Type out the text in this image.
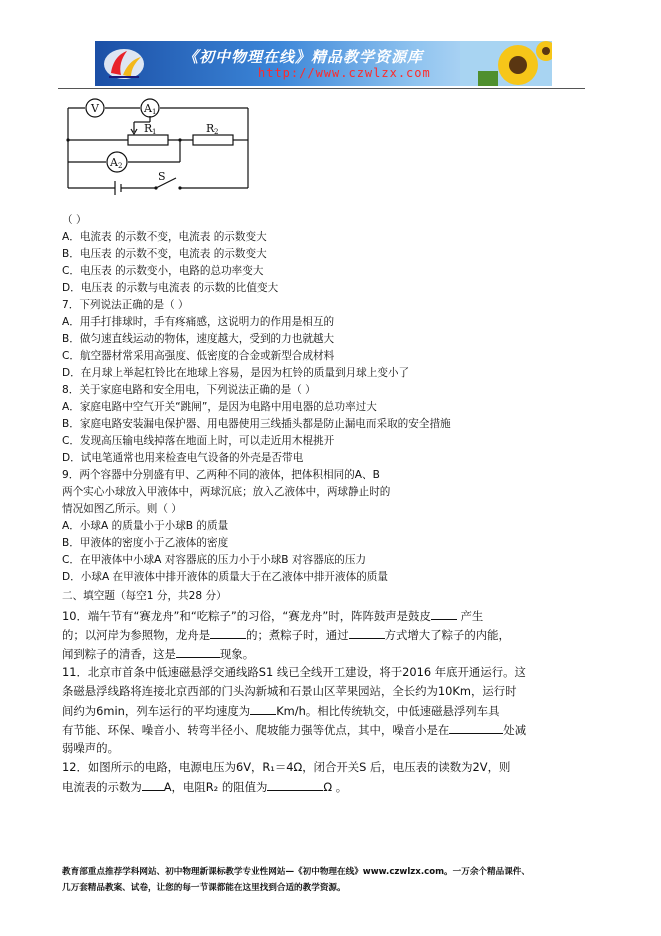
《初中物理在线》精品教学资源库
http://www.czwlzx.com
V	A 1
A 2
R 1	R 2
S
（ ）
A．电流表 的示数不变，电流表 的示数变大
B．电压表 的示数不变，电流表 的示数变大
C．电压表 的示数变小，电路的总功率变大
D．电压表 的示数与电流表 的示数的比值变大
7．下列说法正确的是（ ）
A．用手打排球时，手有疼痛感，这说明力的作用是相互的
B．做匀速直线运动的物体，速度越大，受到的力也就越大
C．航空器材常采用高强度、低密度的合金或新型合成材料
D．在月球上举起杠铃比在地球上容易，是因为杠铃的质量到月球上变小了
8．关于家庭电路和安全用电，下列说法正确的是（ ）
A．家庭电路中空气开关“跳闸”，是因为电路中用电器的总功率过大
B．家庭电路安装漏电保护器、用电器使用三线插头都是防止漏电而采取的安全措施
C．发现高压输电线掉落在地面上时，可以走近用木棍挑开
D．试电笔通常也用来检查电气设备的外壳是否带电
9．两个容器中分别盛有甲、乙两种不同的液体，把体积相同的A、B
两个实心小球放入甲液体中，两球沉底；放入乙液体中，两球静止时的
情况如图乙所示。则（ ）
A．小球A 的质量小于小球B 的质量
B．甲液体的密度小于乙液体的密度
C．在甲液体中小球A 对容器底的压力小于小球B 对容器底的压力
D．小球A 在甲液体中排开液体的质量大于在乙液体中排开液体的质量
二、填空题（每空1 分，共28 分）
10．端午节有“赛龙舟”和“吃粽子”的习俗，“赛龙舟”时，阵阵鼓声是鼓皮 产生
的；以河岸为参照物，龙舟是	的；煮粽子时，通过	方式增大了粽子的内能，
闻到粽子的清香，这是	现象。
11．北京市首条中低速磁悬浮交通线路S1 线已全线开工建设，将于2016 年底开通运行。这
条磁悬浮线路将连接北京西部的门头沟新城和石景山区苹果园站，全长约为10Km，运行时
间约为6min，列车运行的平均速度为 Km/h。相比传统轨交，中低速磁悬浮列车具
有节能、环保、噪音小、转弯半径小、爬坡能力强等优点，其中，噪音小是在	处减
弱噪声的。
12．如图所示的电路，电源电压为6V，R₁＝4Ω，闭合开关S 后，电压表的读数为2V，则
电流表的示数为 A，电阻R₂ 的阻值为	Ω 。
教育部重点推荐学科网站、初中物理新课标教学专业性网站—《初中物理在线》www.czwlzx.com。一万余个精品课件、
几万套精品教案、试卷，让您的每一节课都能在这里找到合适的教学资源。
